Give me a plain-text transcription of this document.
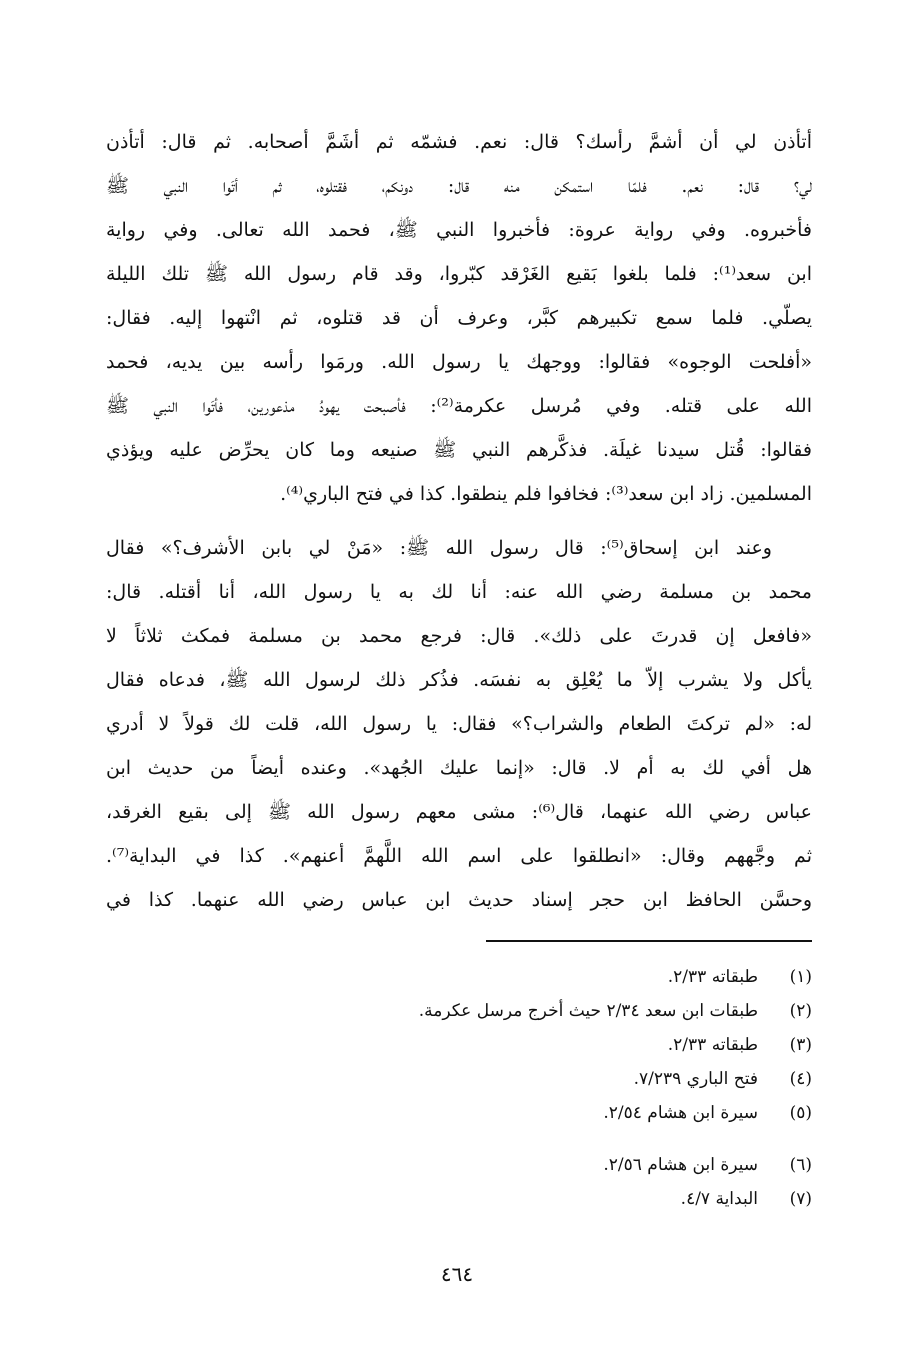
أتأذن لي أن أشمَّ رأسك؟ قال: نعم. فشمّه ثم أشَمَّ أصحابه. ثم قال: أتأذن
لي؟ قال: نعم. فلمّا استمكن منه قال: دونكم، فقتلوه، ثم أتَوا النبي ﷺ
فأخبروه. وفي رواية عروة: فأخبروا النبي ﷺ، فحمد الله تعالى. وفي رواية
ابن سعد⁽¹⁾: فلما بلغوا بَقيع الغَرْقد كبّروا، وقد قام رسول الله ﷺ تلك الليلة
يصلّي. فلما سمع تكبيرهم كبَّر، وعرف أن قد قتلوه، ثم انْتهوا إليه. فقال:
«أفلحت الوجوه» فقالوا: ووجهك يا رسول الله. ورمَوا رأسه بين يديه، فحمد
الله على قتله. وفي مُرسل عكرمة⁽²⁾: فأصبحت يهودُ مذعورين، فأتَوا النبي ﷺ
فقالوا: قُتل سيدنا غيلَة. فذكَّرهم النبي ﷺ صنيعه وما كان يحرِّض عليه ويؤذي
المسلمين. زاد ابن سعد⁽³⁾: فخافوا فلم ينطقوا. كذا في فتح الباري⁽⁴⁾.
وعند ابن إسحاق⁽⁵⁾: قال رسول الله ﷺ: «مَنْ لي بابن الأشرف؟» فقال
محمد بن مسلمة رضي الله عنه: أنا لك به يا رسول الله، أنا أقتله. قال:
«فافعل إن قدرتَ على ذلك». قال: فرجع محمد بن مسلمة فمكث ثلاثاً لا
يأكل ولا يشرب إلاّ ما يُعْلِق به نفسَه. فذُكر ذلك لرسول الله ﷺ، فدعاه فقال
له: «لم تركتَ الطعام والشراب؟» فقال: يا رسول الله، قلت لك قولاً لا أدري
هل أفي لك به أم لا. قال: «إنما عليك الجُهد». وعنده أيضاً من حديث ابن
عباس رضي الله عنهما، قال⁽⁶⁾: مشى معهم رسول الله ﷺ إلى بقيع الغرقد،
ثم وجَّههم وقال: «انطلقوا على اسم الله اللَّهمَّ أعنهم». كذا في البداية⁽⁷⁾.
وحسَّن الحافظ ابن حجر إسناد حديث ابن عباس رضي الله عنهما. كذا في
(١)
طبقاته ٢/٣٣.
(٢)
طبقات ابن سعد ٢/٣٤ حيث أخرج مرسل عكرمة.
(٣)
طبقاته ٢/٣٣.
(٤)
فتح الباري ٧/٢٣٩.
(٥)
سيرة ابن هشام ٢/٥٤.
(٦)
سيرة ابن هشام ٢/٥٦.
(٧)
البداية ٤/٧.
٤٦٤
